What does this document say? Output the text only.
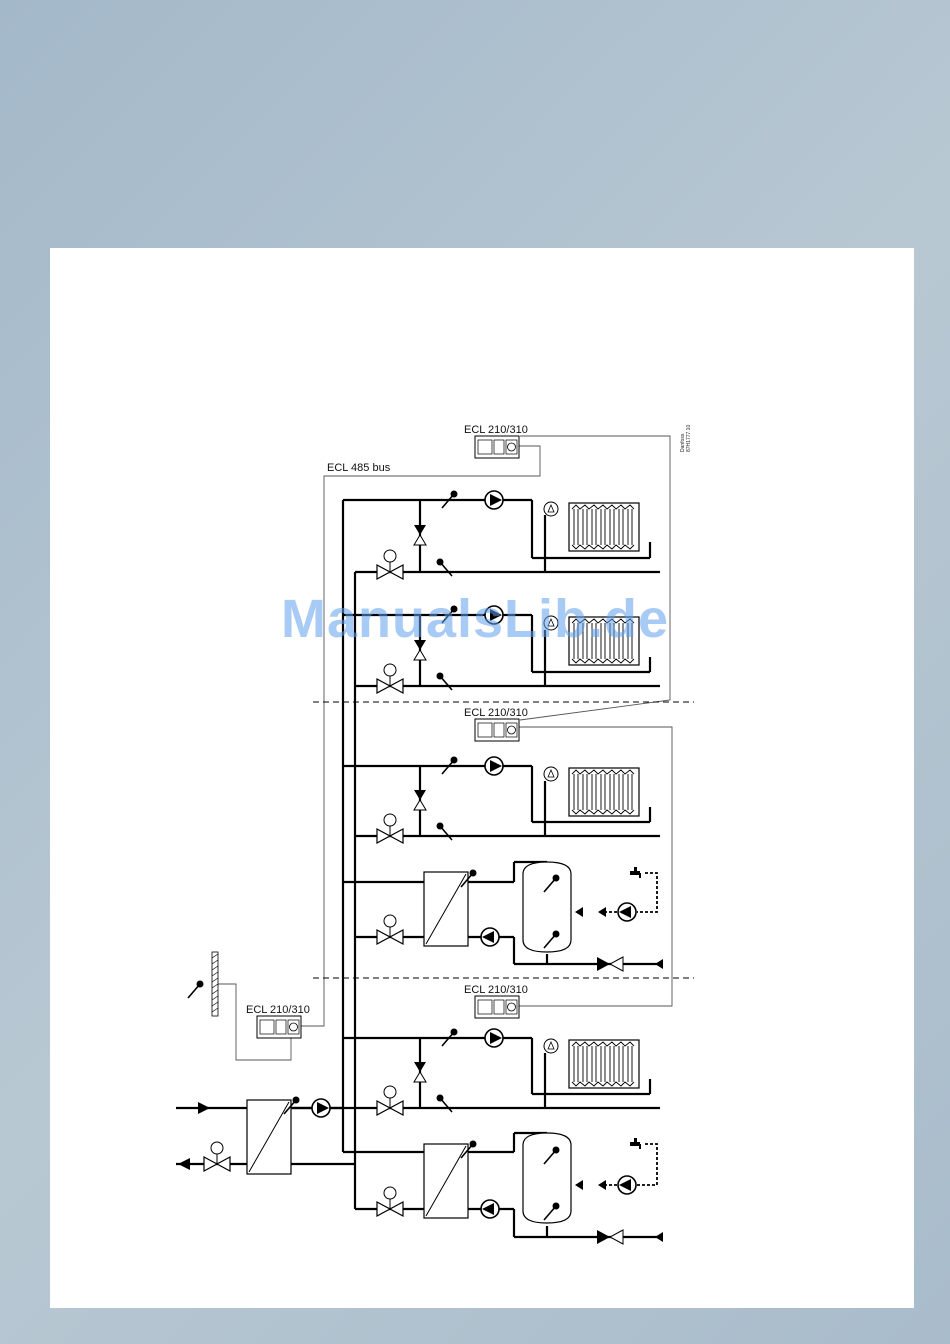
ECL 210/310
ECL 210/310
ECL 210/310
ECL 210/310
ECL 485 bus
Danfoss 87H1777.10
ManualsLib.de
